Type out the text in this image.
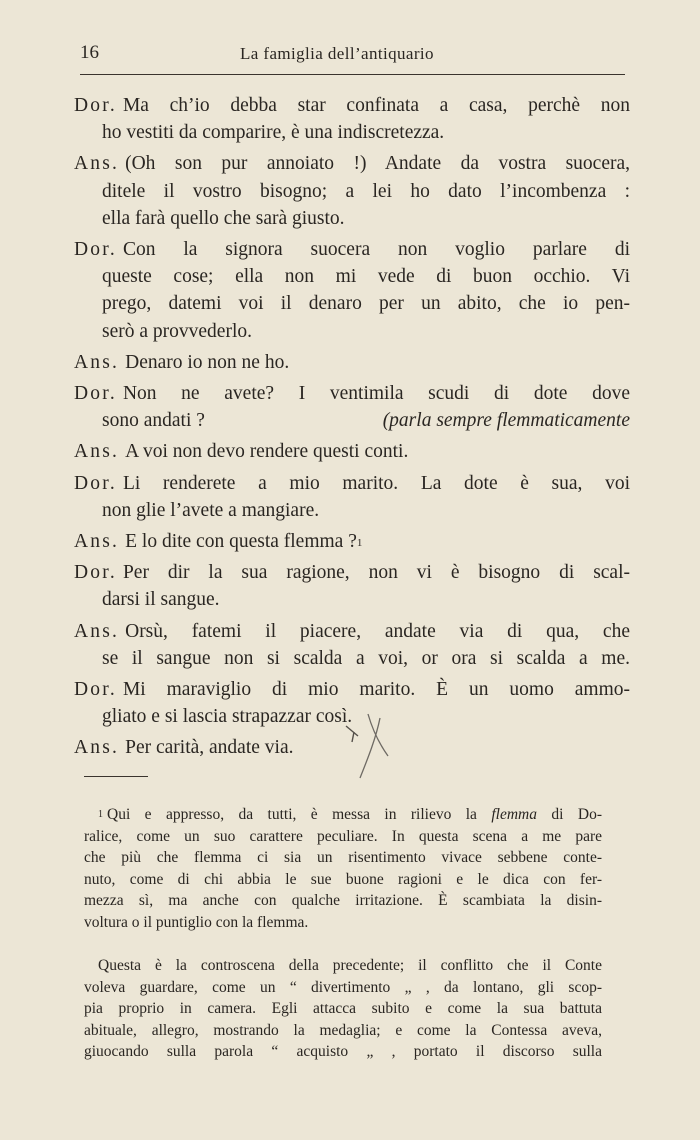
16	La famiglia dell’antiquario
Dor. Ma ch’io debba star confinata a casa, perchè non
ho vestiti da comparire, è una indiscretezza.
Ans. (Oh son pur annoiato !) Andate da vostra suocera,
ditele il vostro bisogno; a lei ho dato l’incombenza :
ella farà quello che sarà giusto.
Dor. Con la signora suocera non voglio parlare di
queste cose; ella non mi vede di buon occhio. Vi
prego, datemi voi il denaro per un abito, che io pen-
serò a provvederlo.
Ans. Denaro io non ne ho.
Dor. Non ne avete? I ventimila scudi di dote dove
sono andati ?	(parla sempre flemmaticamente
Ans. A voi non devo rendere questi conti.
Dor. Li renderete a mio marito. La dote è sua, voi
non glie l’avete a mangiare.
Ans. E lo dite con questa flemma ?$^1$
Dor. Per dir la sua ragione, non vi è bisogno di scal-
darsi il sangue.
Ans. Orsù, fatemi il piacere, andate via di qua, che
se il sangue non si scalda a voi, or ora si scalda a me.
Dor. Mi maraviglio di mio marito. È un uomo ammo-
gliato e si lascia strapazzar così.
Ans. Per carità, andate via.
$^1$ Qui e appresso, da tutti, è messa in rilievo la flemma di Do-
ralice, come un suo carattere peculiare. In questa scena a me pare
che più che flemma ci sia un risentimento vivace sebbene conte-
nuto, come di chi abbia le sue buone ragioni e le dica con fer-
mezza sì, ma anche con qualche irritazione. È scambiata la disin-
voltura o il puntiglio con la flemma.
Questa è la controscena della precedente; il conflitto che il Conte
voleva guardare, come un “ divertimento „ , da lontano, gli scop-
pia proprio in camera. Egli attacca subito e come la sua battuta
abituale, allegro, mostrando la medaglia; e come la Contessa aveva,
giuocando sulla parola “ acquisto „ , portato il discorso sulla
